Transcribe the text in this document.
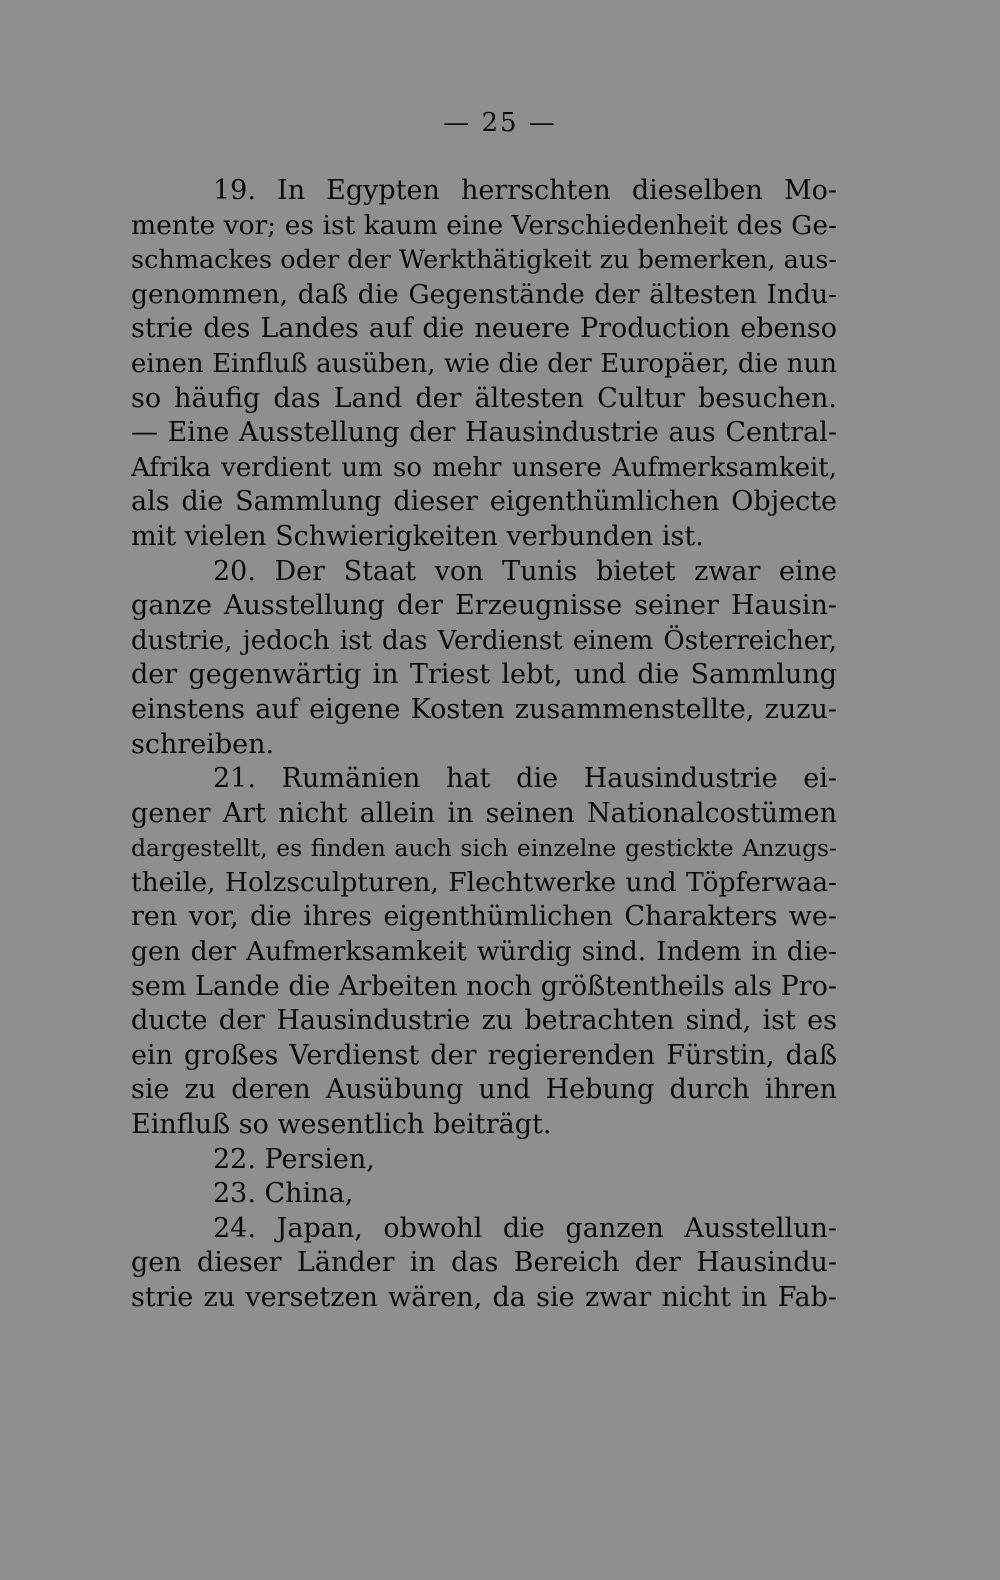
— 25 —
19. In Egypten herrschten dieselben Mo-
mente vor; es ist kaum eine Verschiedenheit des Ge-
schmackes oder der Werkthätigkeit zu bemerken, aus-
genommen, daß die Gegenstände der ältesten Indu-
strie des Landes auf die neuere Production ebenso
einen Einfluß ausüben, wie die der Europäer, die nun
so häufig das Land der ältesten Cultur besuchen.
— Eine Ausstellung der Hausindustrie aus Central-
Afrika verdient um so mehr unsere Aufmerksamkeit,
als die Sammlung dieser eigenthümlichen Objecte
mit vielen Schwierigkeiten verbunden ist.
20. Der Staat von Tunis bietet zwar eine
ganze Ausstellung der Erzeugnisse seiner Hausin-
dustrie, jedoch ist das Verdienst einem Österreicher,
der gegenwärtig in Triest lebt, und die Sammlung
einstens auf eigene Kosten zusammenstellte, zuzu-
schreiben.
21. Rumänien hat die Hausindustrie ei-
gener Art nicht allein in seinen Nationalcostümen
dargestellt, es finden auch sich einzelne gestickte Anzugs-
theile, Holzsculpturen, Flechtwerke und Töpferwaa-
ren vor, die ihres eigenthümlichen Charakters we-
gen der Aufmerksamkeit würdig sind. Indem in die-
sem Lande die Arbeiten noch größtentheils als Pro-
ducte der Hausindustrie zu betrachten sind, ist es
ein großes Verdienst der regierenden Fürstin, daß
sie zu deren Ausübung und Hebung durch ihren
Einfluß so wesentlich beiträgt.
22. Persien,
23. China,
24. Japan, obwohl die ganzen Ausstellun-
gen dieser Länder in das Bereich der Hausindu-
strie zu versetzen wären, da sie zwar nicht in Fab-
